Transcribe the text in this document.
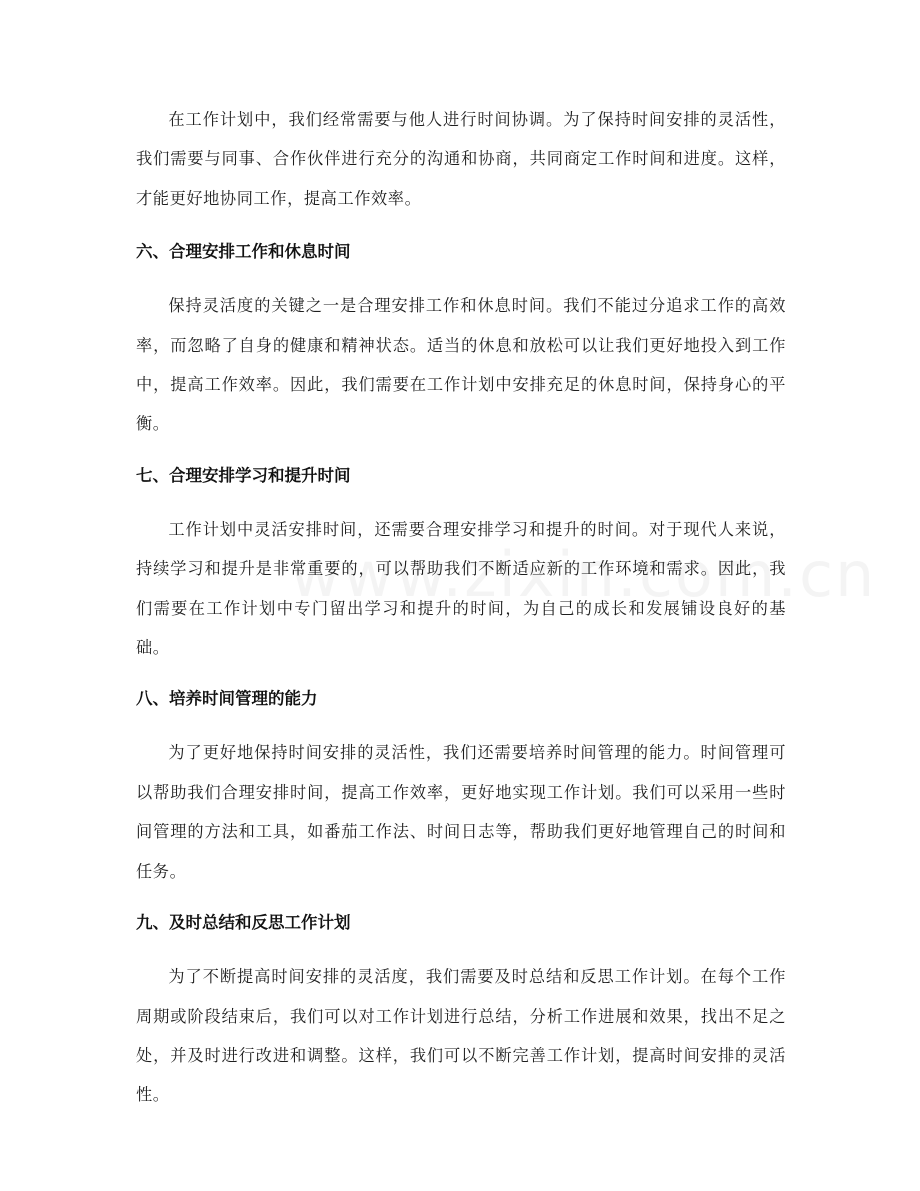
在工作计划中，我们经常需要与他人进行时间协调。为了保持时间安排的灵活性，我们需要与同事、合作伙伴进行充分的沟通和协商，共同商定工作时间和进度。这样，才能更好地协同工作，提高工作效率。

六、合理安排工作和休息时间

保持灵活度的关键之一是合理安排工作和休息时间。我们不能过分追求工作的高效率，而忽略了自身的健康和精神状态。适当的休息和放松可以让我们更好地投入到工作中，提高工作效率。因此，我们需要在工作计划中安排充足的休息时间，保持身心的平衡。

七、合理安排学习和提升时间

工作计划中灵活安排时间，还需要合理安排学习和提升的时间。对于现代人来说，持续学习和提升是非常重要的，可以帮助我们不断适应新的工作环境和需求。因此，我们需要在工作计划中专门留出学习和提升的时间，为自己的成长和发展铺设良好的基础。

八、培养时间管理的能力

为了更好地保持时间安排的灵活性，我们还需要培养时间管理的能力。时间管理可以帮助我们合理安排时间，提高工作效率，更好地实现工作计划。我们可以采用一些时间管理的方法和工具，如番茄工作法、时间日志等，帮助我们更好地管理自己的时间和任务。

九、及时总结和反思工作计划

为了不断提高时间安排的灵活度，我们需要及时总结和反思工作计划。在每个工作周期或阶段结束后，我们可以对工作计划进行总结，分析工作进展和效果，找出不足之处，并及时进行改进和调整。这样，我们可以不断完善工作计划，提高时间安排的灵活性。
